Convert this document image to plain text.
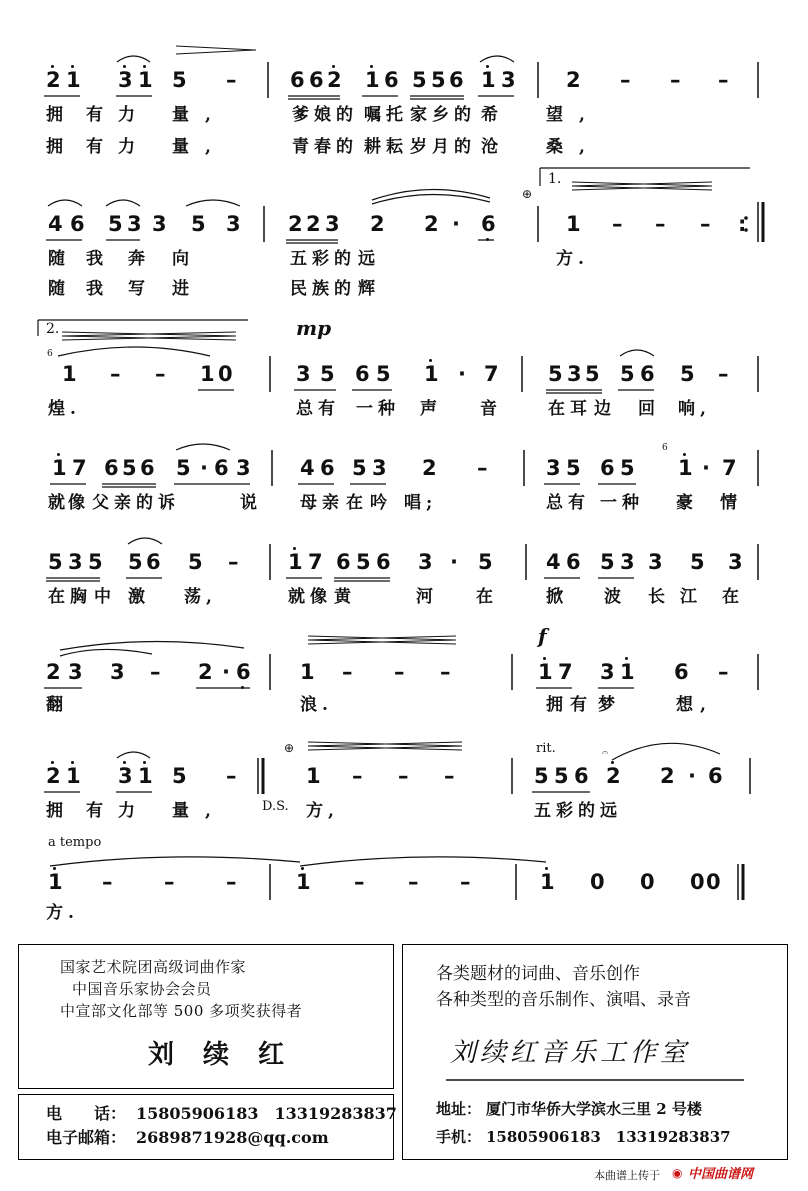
⊕
⊕	𝄐
2 1 3 1 5 –	6 6 2 1 6 5 5 6 1 3 2 – – –
拥 有 力 量 ,	爹 娘 的 嘱 托 家 乡 的 希	望 ,
拥 有 力 量 ,	青 春 的 耕 耘 岁 月 的 沧	桑 ,
4 6 5 3 3 5 3 2 2 3 2 2 · 6	1 – – – :
随 我 奔 向	五 彩 的 远	方 .
随 我 写 进	民 族 的 辉
1 – – 1 0	3 5 6 5 1 · 7 5 3 5 5 6 5 –
煌 .	总 有 一 种 声	音	在 耳 边 回 响 ,
1 7 6 5 6 5 · 6 3 4 6 5 3 2 –	3 5 6 5 1 · 7
就 像 父 亲 的 诉	说	母 亲 在 吟 唱 ;	总 有 一 种 豪 情
5 3 5 5 6 5 – 1 7 6 5 6 3 · 5	4 6 5 3 3 5 3
在 胸 中 激 荡 ,	就 像 黄	河	在	掀 波 长 江 在
2 3 3 – 2 · 6 1 – – –	1 7 3 1 6 –
翻	浪 .	拥 有 梦	想 ,
2 1 3 1 5 –	1 – – –	5 5 6 2 2 · 6
拥 有 力 量 ,	方 ,	五 彩 的 远
1 – – –	1 – – –	1 0 0 0 0
方 .
mp
f
1.
2.
D.S.
rit.
a tempo
6
6
国家艺术院团高级词曲作家
中国音乐家协会会员
中宣部文化部等 500 多项奖获得者
刘 续 红
电　　话： 15805906183　13319283837
电子邮箱： 2689871928@qq.com
各类题材的词曲、音乐创作
各种类型的音乐制作、演唱、录音
刘续红音乐工作室
地址： 厦门市华侨大学滨水三里 2 号楼
手机： 15805906183　13319283837
本曲谱上传于 ◉ 中国曲谱网
